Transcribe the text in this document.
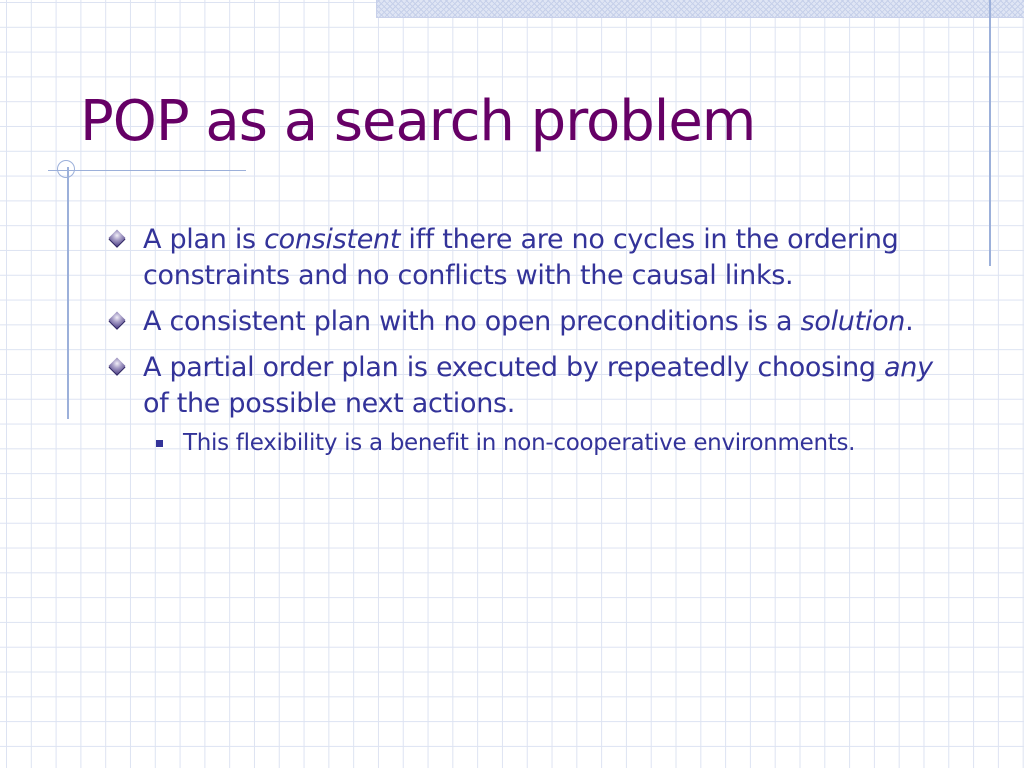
POP as a search problem
A plan is consistent iff there are no cycles in the ordering constraints and no conflicts with the causal links.
A consistent plan with no open preconditions is a solution.
A partial order plan is executed by repeatedly choosing any of the possible next actions.
This flexibility is a benefit in non-cooperative environments.
